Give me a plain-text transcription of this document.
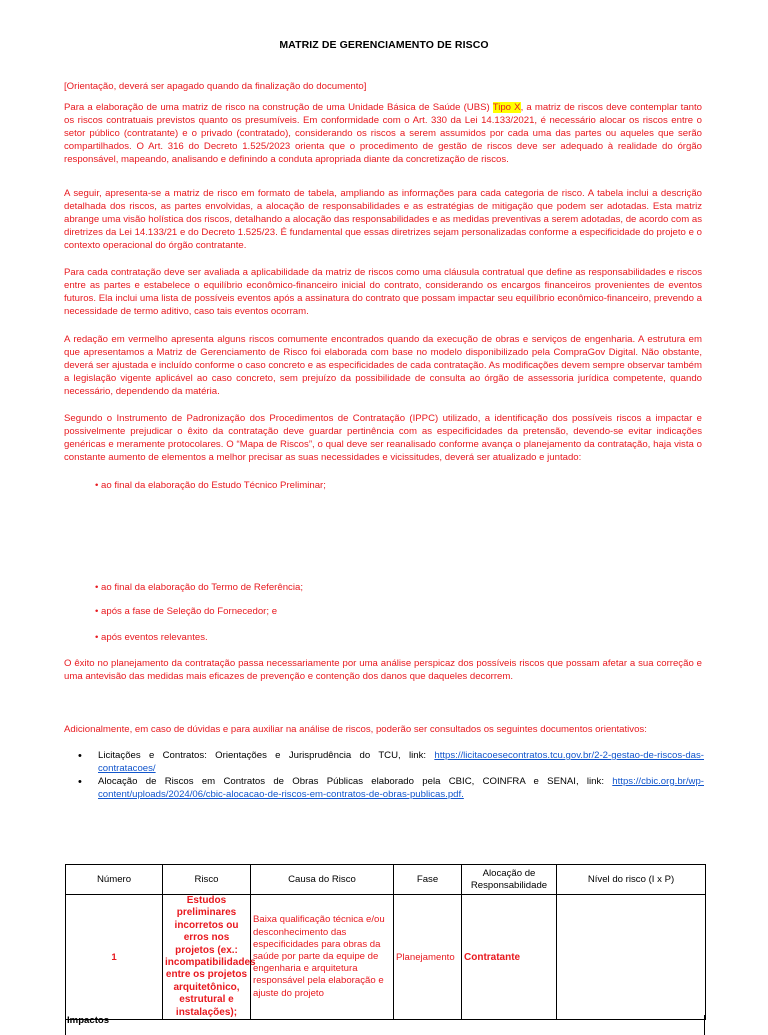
MATRIZ DE GERENCIAMENTO DE RISCO
[Orientação, deverá ser apagado quando da finalização do documento]
Para a elaboração de uma matriz de risco na construção de uma Unidade Básica de Saúde (UBS) Tipo X, a matriz de riscos deve contemplar tanto os riscos contratuais previstos quanto os presumíveis. Em conformidade com o Art. 330 da Lei 14.133/2021, é necessário alocar os riscos entre o setor público (contratante) e o privado (contratado), considerando os riscos a serem assumidos por cada uma das partes ou aqueles que serão compartilhados. O Art. 316 do Decreto 1.525/2023 orienta que o procedimento de gestão de riscos deve ser adequado à realidade do órgão responsável, mapeando, analisando e definindo a conduta apropriada diante da concretização de riscos.
A seguir, apresenta-se a matriz de risco em formato de tabela, ampliando as informações para cada categoria de risco. A tabela inclui a descrição detalhada dos riscos, as partes envolvidas, a alocação de responsabilidades e as estratégias de mitigação que podem ser adotadas. Esta matriz abrange uma visão holística dos riscos, detalhando a alocação das responsabilidades e as medidas preventivas a serem adotadas, de acordo com as diretrizes da Lei 14.133/21 e do Decreto 1.525/23. É fundamental que essas diretrizes sejam personalizadas conforme a especificidade do projeto e o contexto operacional do órgão contratante.
Para cada contratação deve ser avaliada a aplicabilidade da matriz de riscos como uma cláusula contratual que define as responsabilidades e riscos entre as partes e estabelece o equilíbrio econômico-financeiro inicial do contrato, considerando os encargos financeiros provenientes de eventos futuros. Ela inclui uma lista de possíveis eventos após a assinatura do contrato que possam impactar seu equilíbrio econômico-financeiro, prevendo a necessidade de termo aditivo, caso tais eventos ocorram.
A redação em vermelho apresenta alguns riscos comumente encontrados quando da execução de obras e serviços de engenharia. A estrutura em que apresentamos a Matriz de Gerenciamento de Risco foi elaborada com base no modelo disponibilizado pela CompraGov Digital. Não obstante, deverá ser ajustada e incluído conforme o caso concreto e as especificidades de cada contratação. As modificações devem sempre observar também a legislação vigente aplicável ao caso concreto, sem prejuízo da possibilidade de consulta ao órgão de assessoria jurídica competente, quando necessário, dependendo da matéria.
Segundo o Instrumento de Padronização dos Procedimentos de Contratação (IPPC) utilizado, a identificação dos possíveis riscos a impactar e possivelmente prejudicar o êxito da contratação deve guardar pertinência com as especificidades da pretensão, devendo-se evitar indicações genéricas e meramente protocolares. O “Mapa de Riscos”, o qual deve ser reanalisado conforme avança o planejamento da contratação, haja vista o constante aumento de elementos a melhor precisar as suas necessidades e vicissitudes, deverá ser atualizado e juntado:
• ao final da elaboração do Estudo Técnico Preliminar;
• ao final da elaboração do Termo de Referência;
• após a fase de Seleção do Fornecedor; e
• após eventos relevantes.
O êxito no planejamento da contratação passa necessariamente por uma análise perspicaz dos possíveis riscos que possam afetar a sua correção e uma antevisão das medidas mais eficazes de prevenção e contenção dos danos que daqueles decorrem.
Adicionalmente, em caso de dúvidas e para auxiliar na análise de riscos, poderão ser consultados os seguintes documentos orientativos:
• Licitações e Contratos: Orientações e Jurisprudência do TCU, link: https://licitacoesecontratos.tcu.gov.br/2-2-gestao-de-riscos-das-contratacoes/
• Alocação de Riscos em Contratos de Obras Públicas elaborado pela CBIC, COINFRA e SENAI, link: https://cbic.org.br/wp-content/uploads/2024/06/cbic-alocacao-de-riscos-em-contratos-de-obras-publicas.pdf.
Número	Risco	Causa do Risco	Fase	Alocação de Responsabilidade	Nível do risco (I x P)
1	Estudos preliminares incorretos ou erros nos projetos (ex.: incompatibilidades entre os projetos arquitetônico, estrutural e instalações);	Baixa qualificação técnica e/ou desconhecimento das especificidades para obras da saúde por parte da equipe de engenharia e arquitetura responsável pela elaboração e ajuste do projeto	Planejamento	Contratante	
Impactos
